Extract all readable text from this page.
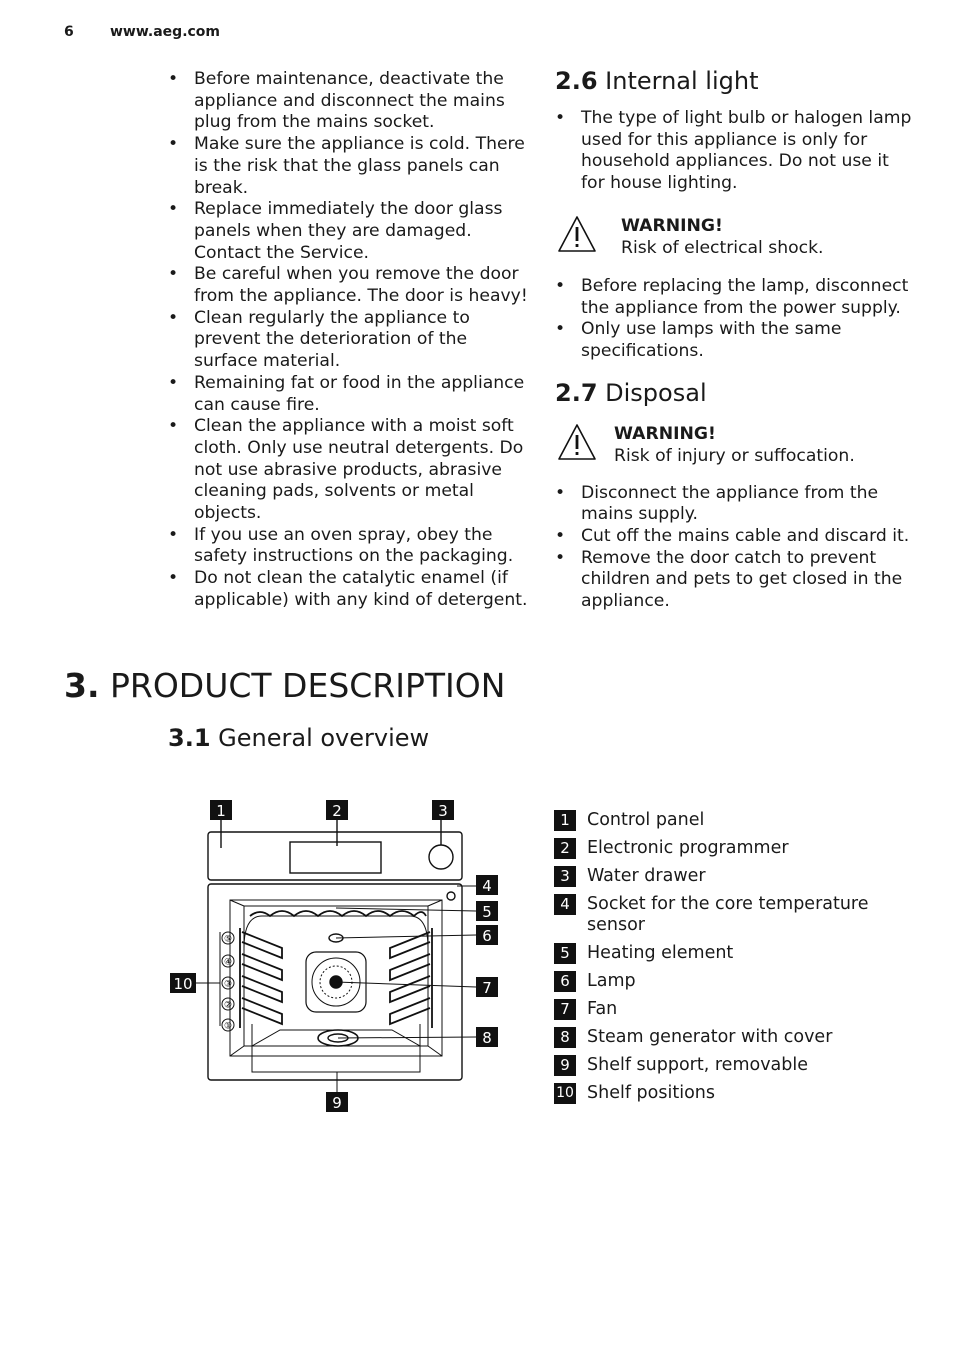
6	www.aeg.com
• Before maintenance, deactivate the appliance and disconnect the mains plug from the mains socket.
• Make sure the appliance is cold. There is the risk that the glass panels can break.
• Replace immediately the door glass panels when they are damaged. Contact the Service.
• Be careful when you remove the door from the appliance. The door is heavy!
• Clean regularly the appliance to prevent the deterioration of the surface material.
• Remaining fat or food in the appliance can cause fire.
• Clean the appliance with a moist soft cloth. Only use neutral detergents. Do not use abrasive products, abrasive cleaning pads, solvents or metal objects.
• If you use an oven spray, obey the safety instructions on the packaging.
• Do not clean the catalytic enamel (if applicable) with any kind of detergent.
2.6 Internal light
• The type of light bulb or halogen lamp used for this appliance is only for household appliances. Do not use it for house lighting.
WARNING!
Risk of electrical shock.
• Before replacing the lamp, disconnect the appliance from the power supply.
• Only use lamps with the same specifications.
2.7 Disposal
WARNING!
Risk of injury or suffocation.
• Disconnect the appliance from the mains supply.
• Cut off the mains cable and discard it.
• Remove the door catch to prevent children and pets to get closed in the appliance.
3. PRODUCT DESCRIPTION
3.1 General overview
1	2	3
4
5
6
7
8
9
10
⑤
④
③
②
①
1 Control panel
2 Electronic programmer
3 Water drawer
4 Socket for the core temperature sensor
5 Heating element
6 Lamp
7 Fan
8 Steam generator with cover
9 Shelf support, removable
10 Shelf positions
